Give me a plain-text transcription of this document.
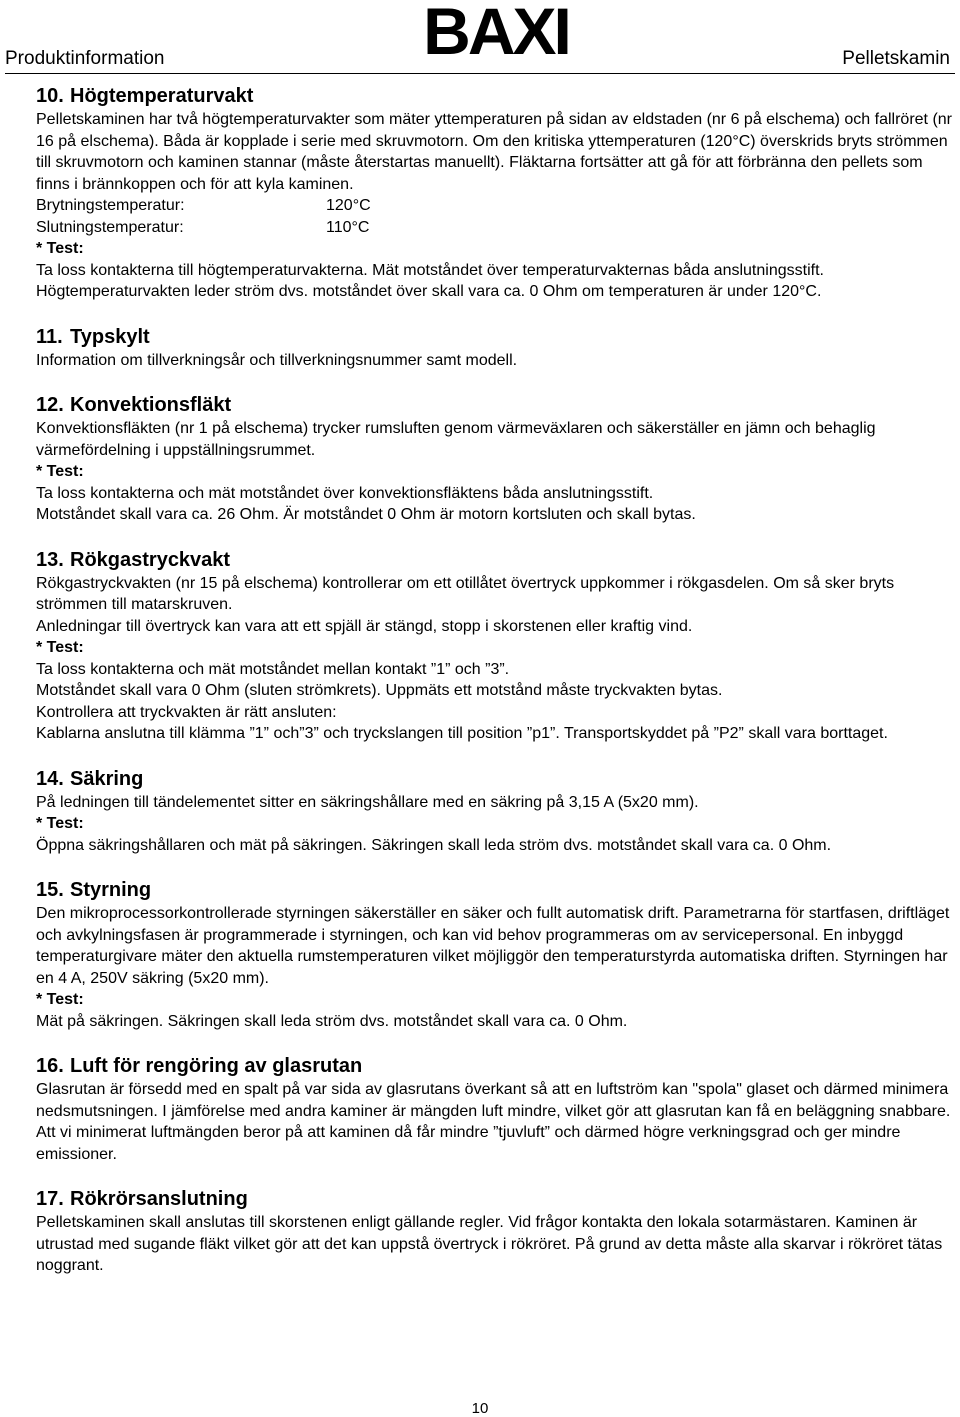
Produktinformation	BAXI	Pelletskamin
10. Högtemperaturvakt

Pelletskaminen har två högtemperaturvakter som mäter yttemperaturen på sidan av eldstaden (nr 6 på elschema) och fallröret (nr 16 på elschema). Båda är kopplade i serie med skruvmotorn. Om den kritiska yttemperaturen (120°C) överskrids bryts strömmen till skruvmotorn och kaminen stannar (måste återstartas manuellt). Fläktarna fortsätter att gå för att förbränna den pellets som finns i brännkoppen och för att kyla kaminen.

Brytningstemperatur:	120°C
Slutningstemperatur:	110°C

* Test:

Ta loss kontakterna till högtemperaturvakterna. Mät motståndet över temperaturvakternas båda anslutningsstift.

Högtemperaturvakten leder ström dvs. motståndet över skall vara ca. 0 Ohm om temperaturen är under 120°C.

11. Typskylt

Information om tillverkningsår och tillverkningsnummer samt modell.

12. Konvektionsfläkt

Konvektionsfläkten (nr 1 på elschema) trycker rumsluften genom värmeväxlaren och säkerställer en jämn och behaglig värmefördelning i uppställningsrummet.

* Test:

Ta loss kontakterna och mät motståndet över konvektionsfläktens båda anslutningsstift.

Motståndet skall vara ca. 26 Ohm. Är motståndet 0 Ohm är motorn kortsluten och skall bytas.

13. Rökgastryckvakt

Rökgastryckvakten (nr 15 på elschema) kontrollerar om ett otillåtet övertryck uppkommer i rökgasdelen. Om så sker bryts strömmen till matarskruven.

Anledningar till övertryck kan vara att ett spjäll är stängd, stopp i skorstenen eller kraftig vind.

* Test:

Ta loss kontakterna och mät motståndet mellan kontakt ”1” och ”3”.

Motståndet skall vara 0 Ohm (sluten strömkrets). Uppmäts ett motstånd måste tryckvakten bytas.

Kontrollera att tryckvakten är rätt ansluten:

Kablarna anslutna till klämma ”1” och”3” och tryckslangen till position ”p1”. Transportskyddet på ”P2” skall vara borttaget.

14. Säkring

På ledningen till tändelementet sitter en säkringshållare med en säkring på 3,15 A (5x20 mm).

* Test:

Öppna säkringshållaren och mät på säkringen. Säkringen skall leda ström dvs. motståndet skall vara ca. 0 Ohm.

15. Styrning

Den mikroprocessorkontrollerade styrningen säkerställer en säker och fullt automatisk drift. Parametrarna för startfasen, driftläget och avkylningsfasen är programmerade i styrningen, och kan vid behov programmeras om av servicepersonal. En inbyggd temperaturgivare mäter den aktuella rumstemperaturen vilket möjliggör den temperaturstyrda automatiska driften. Styrningen har en 4 A, 250V säkring (5x20 mm).

* Test:

Mät på säkringen. Säkringen skall leda ström dvs. motståndet skall vara ca. 0 Ohm.

16. Luft för rengöring av glasrutan

Glasrutan är försedd med en spalt på var sida av glasrutans överkant så att en luftström kan "spola" glaset och därmed minimera nedsmutsningen. I jämförelse med andra kaminer är mängden luft mindre, vilket gör att glasrutan kan få en beläggning snabbare. Att vi minimerat luftmängden beror på att kaminen då får mindre ”tjuvluft” och därmed högre verkningsgrad och ger mindre emissioner.

17. Rökrörsanslutning

Pelletskaminen skall anslutas till skorstenen enligt gällande regler. Vid frågor kontakta den lokala sotarmästaren. Kaminen är utrustad med sugande fläkt vilket gör att det kan uppstå övertryck i rökröret. På grund av detta måste alla skarvar i rökröret tätas noggrant.

10
